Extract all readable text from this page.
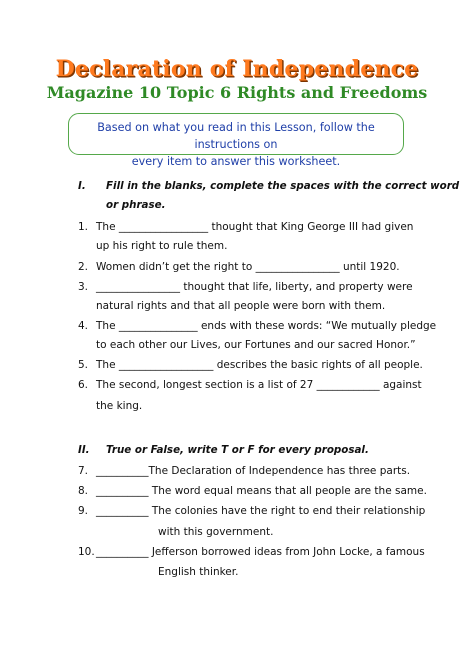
Declaration of Independence
Magazine 10 Topic 6 Rights and Freedoms
Based on what you read in this Lesson, follow the instructions on
every item to answer this worksheet.
I. Fill in the blanks, complete the spaces with the correct word
or phrase.
1. The _________________ thought that King George III had given
up his right to rule them.
2. Women didn’t get the right to ________________ until 1920.
3. ________________ thought that life, liberty, and property were
natural rights and that all people were born with them.
4. The _______________ ends with these words: “We mutually pledge
to each other our Lives, our Fortunes and our sacred Honor.”
5. The __________________ describes the basic rights of all people.
6. The second, longest section is a list of 27 ____________ against
the king.
II. True or False, write T or F for every proposal.
7. __________The Declaration of Independence has three parts.
8. __________ The word equal means that all people are the same.
9. __________ The colonies have the right to end their relationship
with this government.
10. __________ Jefferson borrowed ideas from John Locke, a famous
English thinker.
